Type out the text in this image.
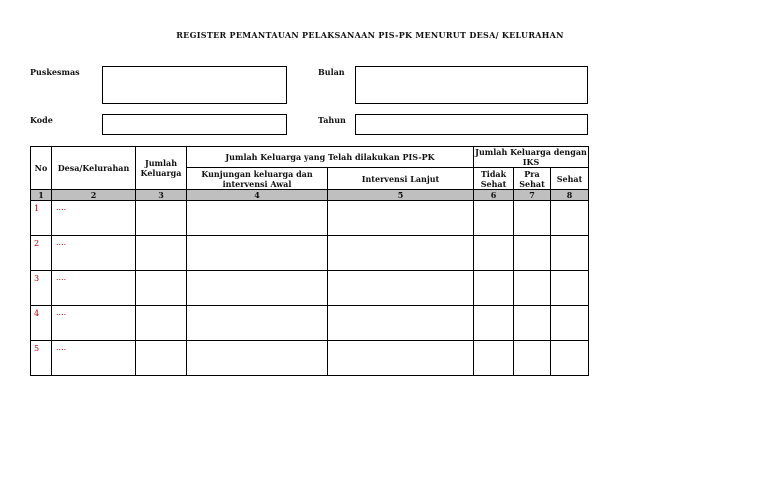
REGISTER PEMANTAUAN PELAKSANAAN PIS-PK MENURUT DESA/ KELURAHAN
Puskesmas	Bulan
Kode	Tahun
No	Desa/Kelurahan	Jumlah Keluarga	Jumlah Keluarga yang Telah dilakukan PIS-PK		Jumlah Keluarga dengan IKS		
			Kunjungan keluarga dan intervensi Awal	Intervensi Lanjut	Tidak Sehat	Pra Sehat	Sehat
1	2	3	4	5	6	7	8
1	....						
2	....						
3	....						
4	....						
5	....						
